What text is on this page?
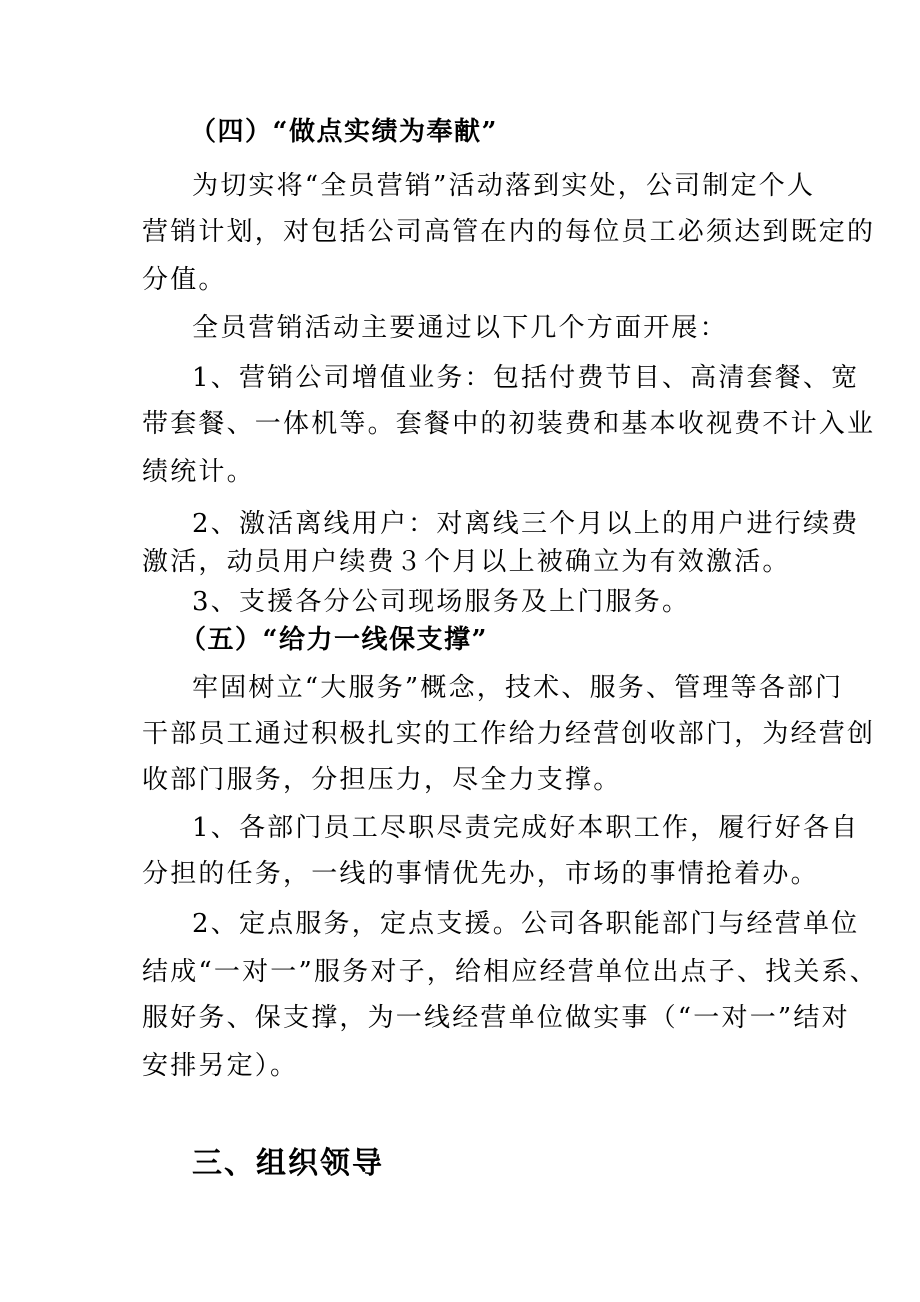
（四）“做点实绩为奉献”
为切实将“全员营销”活动落到实处，公司制定个人
营销计划，对包括公司高管在内的每位员工必须达到既定的
分值。
全员营销活动主要通过以下几个方面开展：
1、营销公司增值业务：包括付费节目、高清套餐、宽
带套餐、一体机等。套餐中的初装费和基本收视费不计入业
绩统计。
2、激活离线用户：对离线三个月以上的用户进行续费
激活，动员用户续费３个月以上被确立为有效激活。
3、支援各分公司现场服务及上门服务。
（五）“给力一线保支撑”
牢固树立“大服务”概念，技术、服务、管理等各部门
干部员工通过积极扎实的工作给力经营创收部门，为经营创
收部门服务，分担压力，尽全力支撑。
1、各部门员工尽职尽责完成好本职工作，履行好各自
分担的任务，一线的事情优先办，市场的事情抢着办。
2、定点服务，定点支援。公司各职能部门与经营单位
结成“一对一”服务对子，给相应经营单位出点子、找关系、
服好务、保支撑，为一线经营单位做实事（“一对一”结对
安排另定）。
三、组织领导
